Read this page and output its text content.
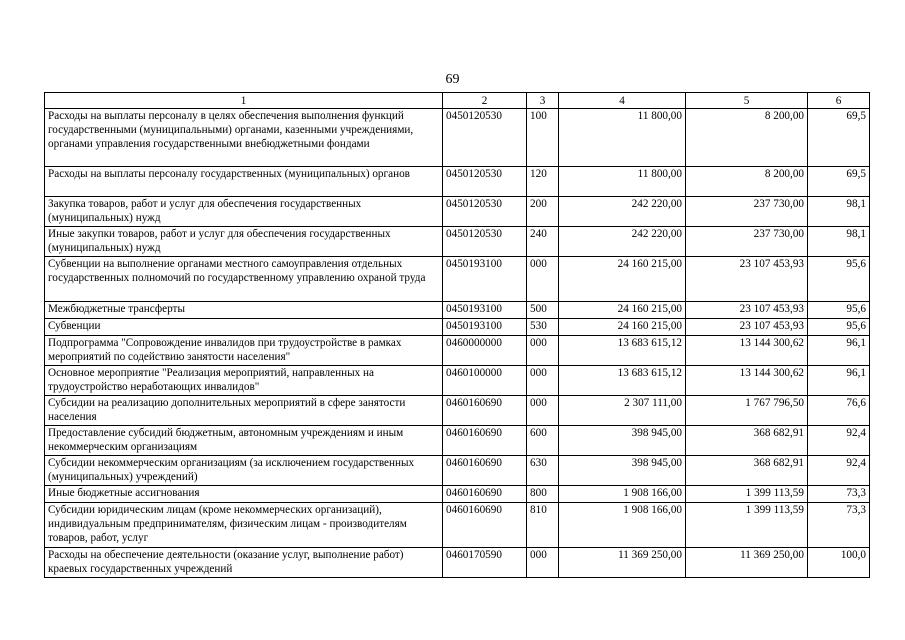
69
1	2	3	4	5	6
Расходы на выплаты персоналу в целях обеспечения выполнения функций государственными (муниципальными) органами, казенными учреждениями, органами управления государственными внебюджетными фондами	0450120530	100	11 800,00	8 200,00	69,5
Расходы на выплаты персоналу государственных (муниципальных) органов	0450120530	120	11 800,00	8 200,00	69,5
Закупка товаров, работ и услуг для обеспечения государственных (муниципальных) нужд	0450120530	200	242 220,00	237 730,00	98,1
Иные закупки товаров, работ и услуг для обеспечения государственных (муниципальных) нужд	0450120530	240	242 220,00	237 730,00	98,1
Субвенции на выполнение органами местного самоуправления отдельных государственных полномочий по государственному управлению охраной труда	0450193100	000	24 160 215,00	23 107 453,93	95,6
Межбюджетные трансферты	0450193100	500	24 160 215,00	23 107 453,93	95,6
Субвенции	0450193100	530	24 160 215,00	23 107 453,93	95,6
Подпрограмма "Сопровождение инвалидов при трудоустройстве в рамках мероприятий по содействию занятости населения"	0460000000	000	13 683 615,12	13 144 300,62	96,1
Основное мероприятие "Реализация мероприятий, направленных на трудоустройство неработающих инвалидов"	0460100000	000	13 683 615,12	13 144 300,62	96,1
Субсидии на реализацию дополнительных мероприятий в сфере занятости населения	0460160690	000	2 307 111,00	1 767 796,50	76,6
Предоставление субсидий бюджетным, автономным учреждениям и иным некоммерческим организациям	0460160690	600	398 945,00	368 682,91	92,4
Субсидии некоммерческим организациям (за исключением государственных (муниципальных) учреждений)	0460160690	630	398 945,00	368 682,91	92,4
Иные бюджетные ассигнования	0460160690	800	1 908 166,00	1 399 113,59	73,3
Субсидии юридическим лицам (кроме некоммерческих организаций), индивидуальным предпринимателям, физическим лицам - производителям товаров, работ, услуг	0460160690	810	1 908 166,00	1 399 113,59	73,3
Расходы на обеспечение деятельности (оказание услуг, выполнение работ) краевых государственных учреждений	0460170590	000	11 369 250,00	11 369 250,00	100,0
